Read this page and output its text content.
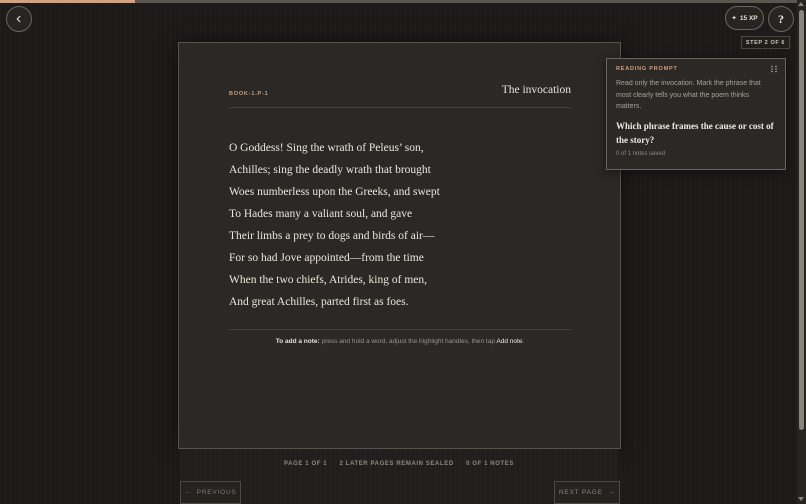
✦ 15 XP	?
STEP 2 OF 6
BOOK-1.P-1	The invocation
O Goddess! Sing the wrath of Peleus’ son,
Achilles; sing the deadly wrath that brought
Woes numberless upon the Greeks, and swept
To Hades many a valiant soul, and gave
Their limbs a prey to dogs and birds of air—
For so had Jove appointed—from the time
When the two chiefs, Atrides, king of men,
And great Achilles, parted first as foes.
To add a note: press and hold a word, adjust the highlight handles, then tap Add note.
READING PROMPT
Read only the invocation. Mark the phrase that most clearly tells you what the poem thinks matters.
Which phrase frames the cause or cost of the story?
0 of 1 notes saved
PAGE 1 OF 1 2 LATER PAGES REMAIN SEALED 0 OF 1 NOTES
← PREVIOUS	NEXT PAGE →
